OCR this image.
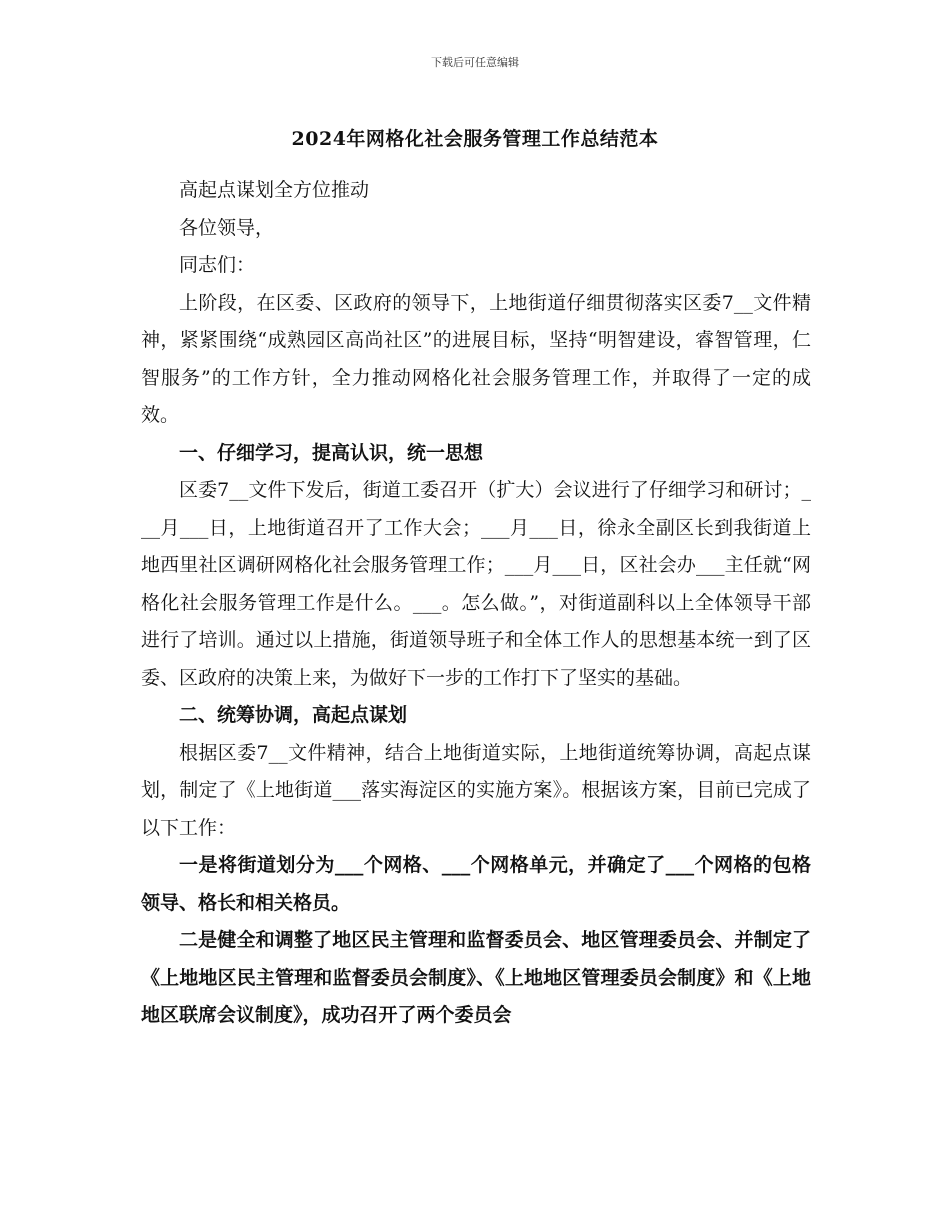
下载后可任意编辑
2024年网格化社会服务管理工作总结范本

高起点谋划全方位推动

各位领导，

同志们：

上阶段，在区委、区政府的领导下，上地街道仔细贯彻落实区委7__文件精神，紧紧围绕“成熟园区高尚社区”的进展目标，坚持“明智建设，睿智管理，仁智服务”的工作方针，全力推动网格化社会服务管理工作，并取得了一定的成效。

一、仔细学习，提高认识，统一思想

区委7__文件下发后，街道工委召开（扩大）会议进行了仔细学习和研讨；___月___日，上地街道召开了工作大会；___月___日，徐永全副区长到我街道上地西里社区调研网格化社会服务管理工作；___月___日，区社会办___主任就“网格化社会服务管理工作是什么。___。怎么做。”，对街道副科以上全体领导干部进行了培训。通过以上措施，街道领导班子和全体工作人的思想基本统一到了区委、区政府的决策上来，为做好下一步的工作打下了坚实的基础。

二、统筹协调，高起点谋划

根据区委7__文件精神，结合上地街道实际，上地街道统筹协调，高起点谋划，制定了《上地街道___落实海淀区的实施方案》。根据该方案，目前已完成了以下工作：

一是将街道划分为___个网格、___个网格单元，并确定了___个网格的包格领导、格长和相关格员。

二是健全和调整了地区民主管理和监督委员会、地区管理委员会、并制定了《上地地区民主管理和监督委员会制度》、《上地地区管理委员会制度》和《上地地区联席会议制度》，成功召开了两个委员会
